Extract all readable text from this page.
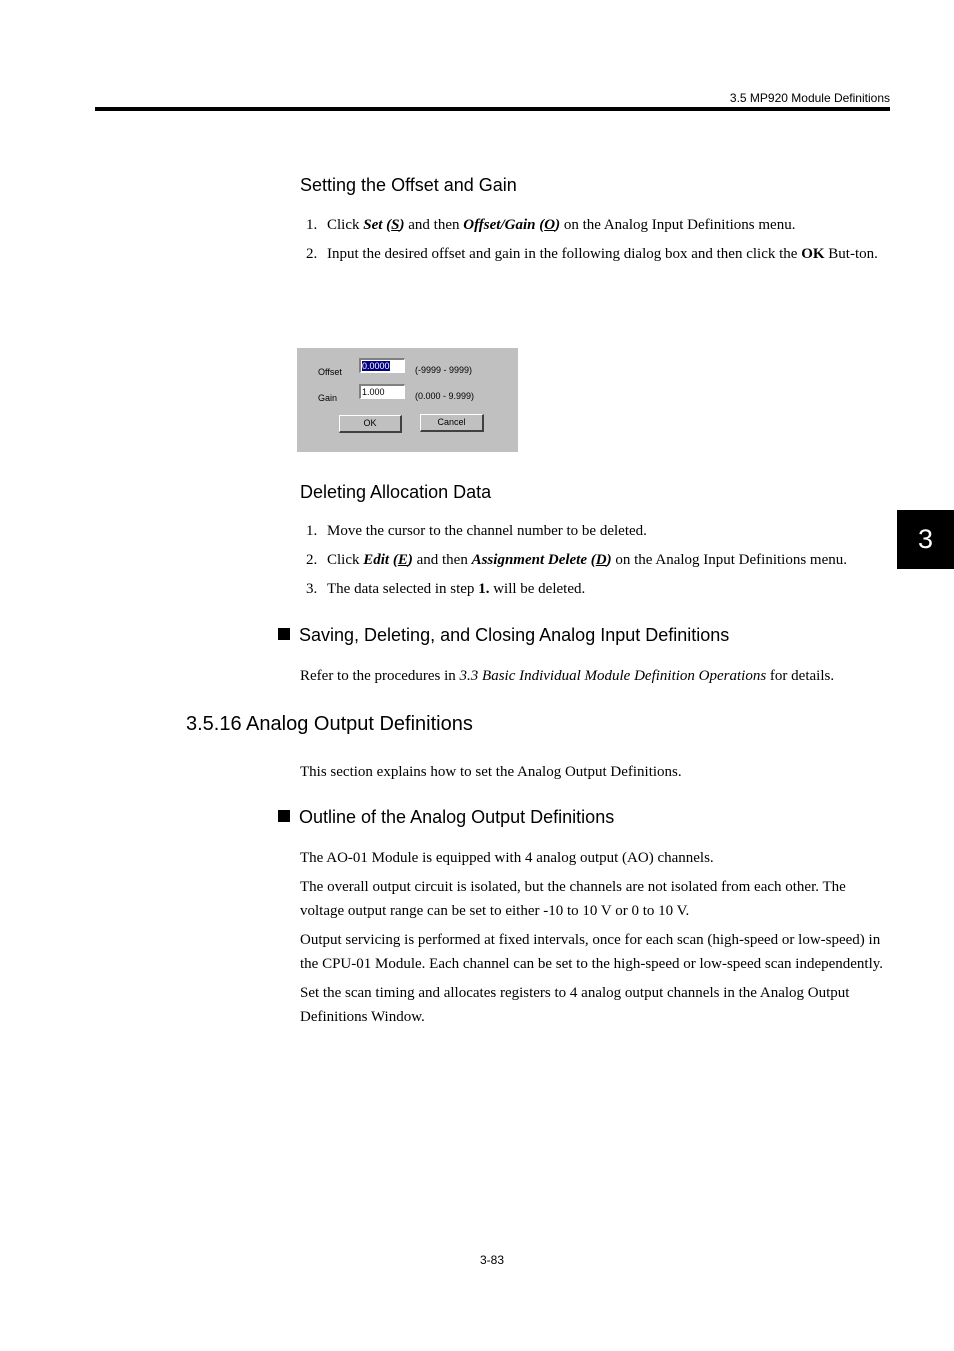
3.5 MP920 Module Definitions
3
Setting the Offset and Gain
1. Click Set (S) and then Offset/Gain (O) on the Analog Input Definitions menu.
2. Input the desired offset and gain in the following dialog box and then click the OK But-ton.
Offset
0.0000	(-9999 - 9999)
Gain
1.000	(0.000 - 9.999)
OK	Cancel
Deleting Allocation Data
1. Move the cursor to the channel number to be deleted.
2. Click Edit (E) and then Assignment Delete (D) on the Analog Input Definitions menu.
3. The data selected in step 1. will be deleted.
Saving, Deleting, and Closing Analog Input Definitions
Refer to the procedures in 3.3 Basic Individual Module Definition Operations for details.
3.5.16 Analog Output Definitions
This section explains how to set the Analog Output Definitions.
Outline of the Analog Output Definitions

The AO-01 Module is equipped with 4 analog output (AO) channels.

The overall output circuit is isolated, but the channels are not isolated from each other. The voltage output range can be set to either -10 to 10 V or 0 to 10 V.

Output servicing is performed at fixed intervals, once for each scan (high-speed or low-speed) in the CPU-01 Module. Each channel can be set to the high-speed or low-speed scan independently.

Set the scan timing and allocates registers to 4 analog output channels in the Analog Output Definitions Window.

3-83
